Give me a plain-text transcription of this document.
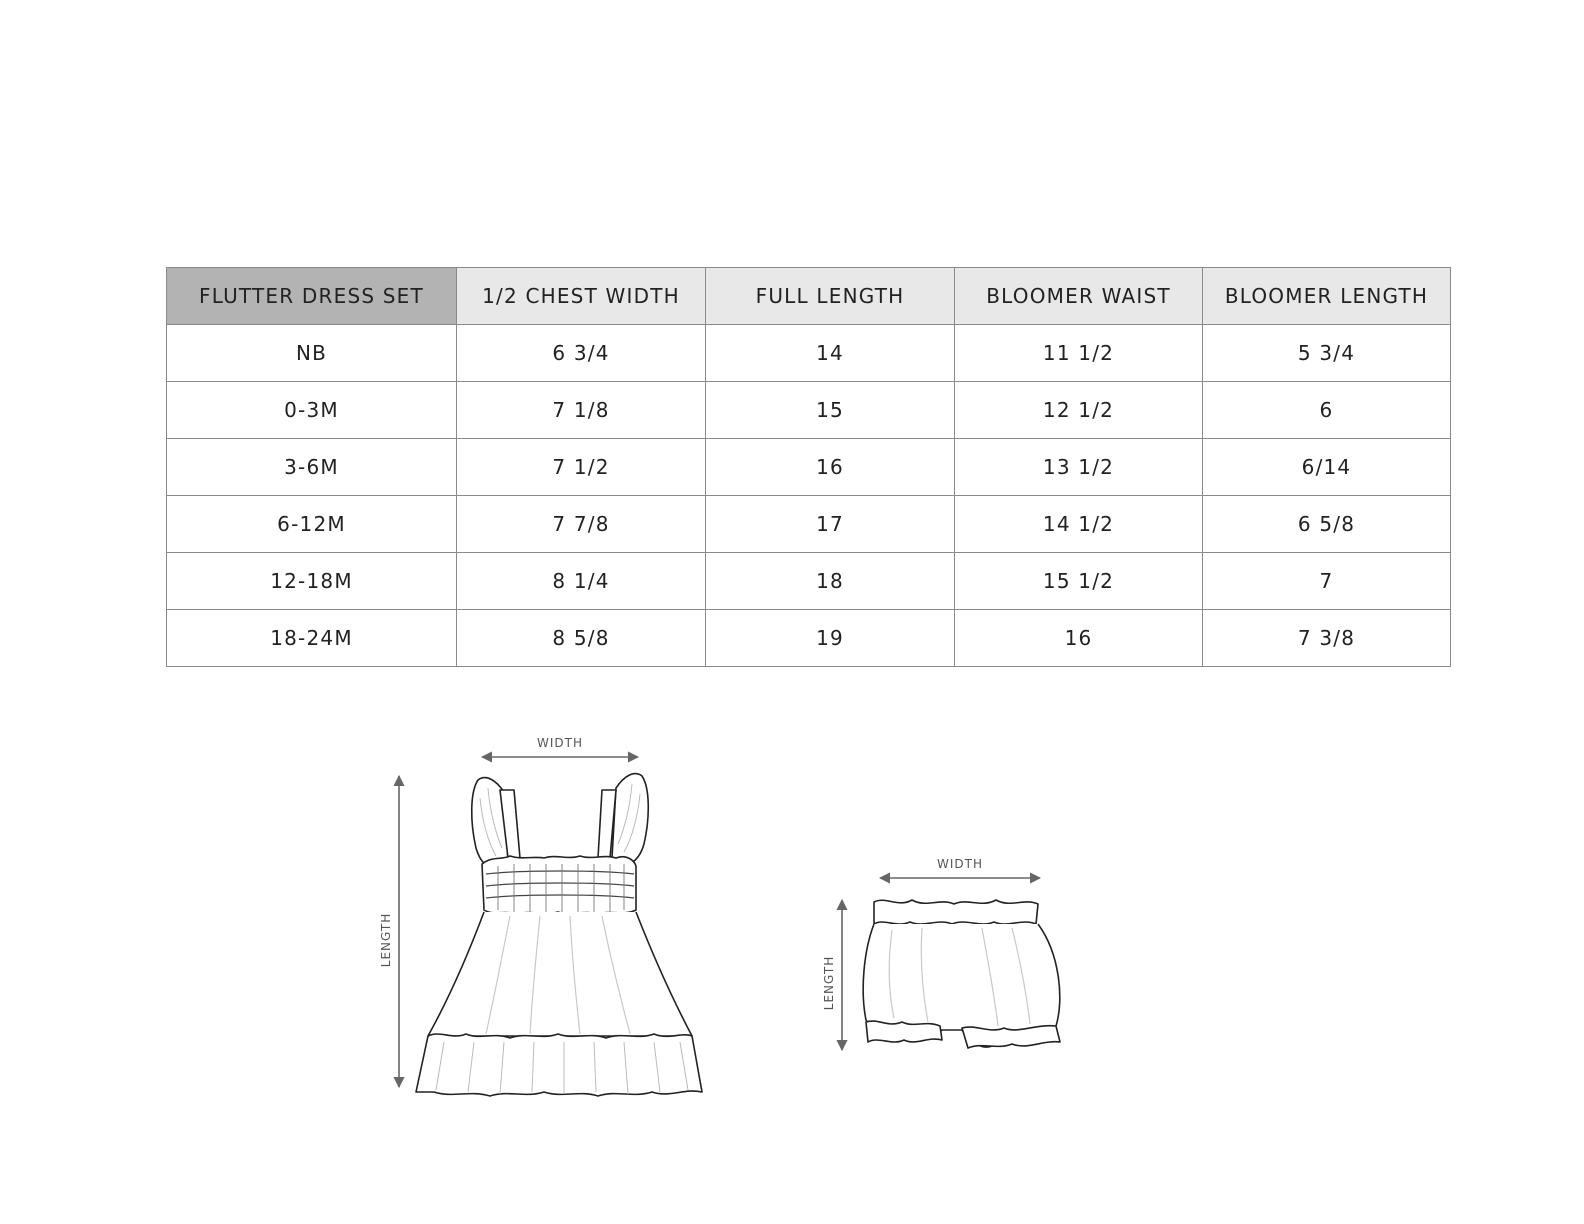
FLUTTER DRESS SET	1/2 CHEST WIDTH	FULL LENGTH	BLOOMER WAIST	BLOOMER LENGTH
NB	6 3/4	14	11 1/2	5 3/4
0-3M	7 1/8	15	12 1/2	6
3-6M	7 1/2	16	13 1/2	6/14
6-12M	7 7/8	17	14 1/2	6 5/8
12-18M	8 1/4	18	15 1/2	7
18-24M	8 5/8	19	16	7 3/8
WIDTH
LENGTH
WIDTH
LENGTH
